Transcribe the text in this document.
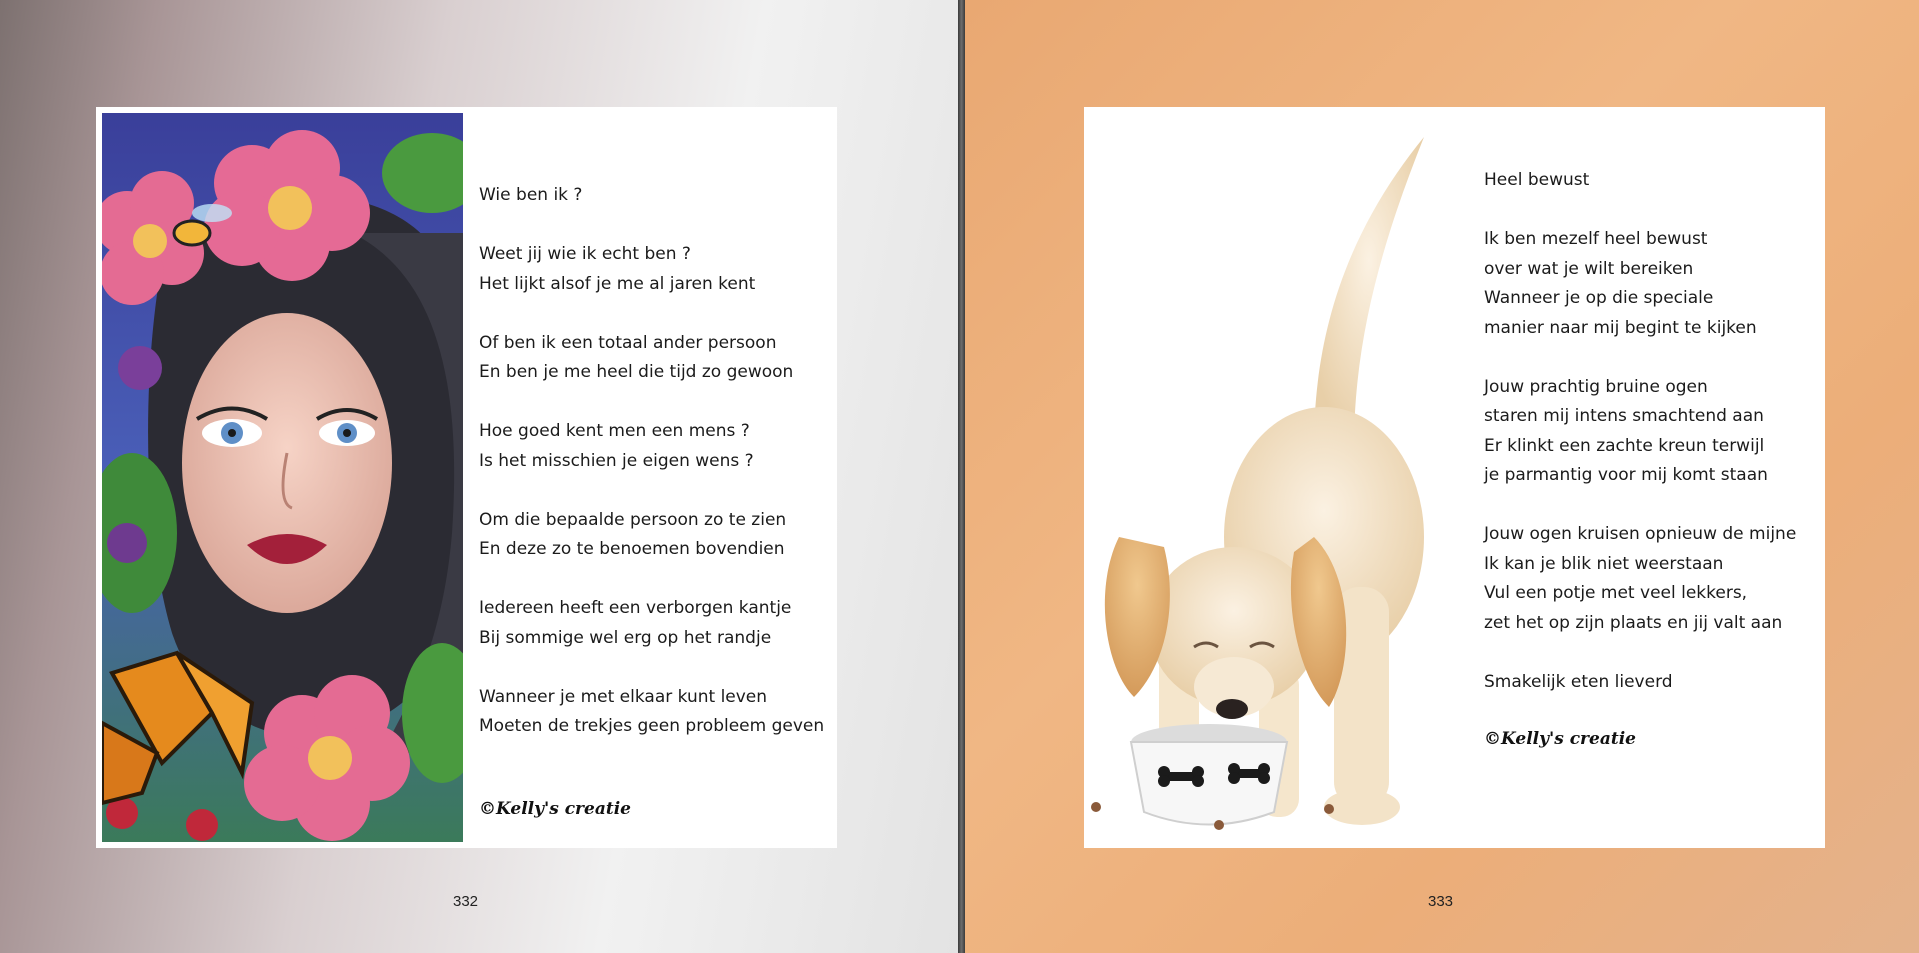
Wie ben ik ?
Weet jij wie ik echt ben ?
Het lijkt alsof je me al jaren kent
Of ben ik een totaal ander persoon
En ben je me heel die tijd zo gewoon
Hoe goed kent men een mens ?
Is het misschien je eigen wens ?
Om die bepaalde persoon zo te zien
En deze zo te benoemen bovendien
Iedereen heeft een verborgen kantje
Bij sommige wel erg op het randje
Wanneer je met elkaar kunt leven
Moeten de trekjes geen probleem geven
©Kelly's creatie
332
Heel bewust
Ik ben mezelf heel bewust
over wat je wilt bereiken
Wanneer je op die speciale
manier naar mij begint te kijken
Jouw prachtig bruine ogen
staren mij intens smachtend aan
Er klinkt een zachte kreun terwijl
je parmantig voor mij komt staan
Jouw ogen kruisen opnieuw de mijne
Ik kan je blik niet weerstaan
Vul een potje met veel lekkers,
zet het op zijn plaats en jij valt aan
Smakelijk eten lieverd
©Kelly's creatie
333
